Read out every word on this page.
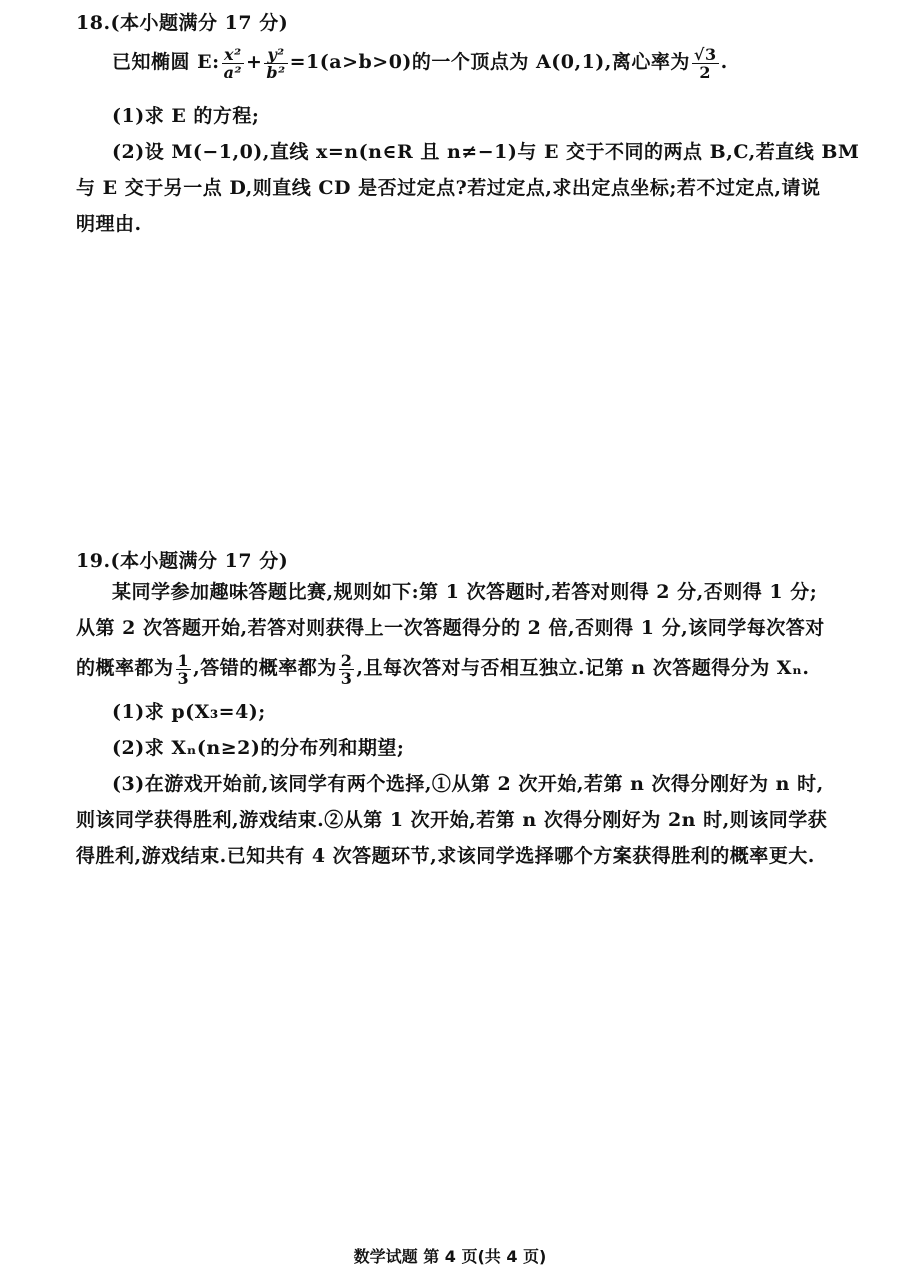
18.(本小题满分 17 分)
已知椭圆 E: $\frac{\text{x²}}{\text{a²}} + \frac{\text{y²}}{\text{b²}} =1(a>b>0)$的一个顶点为 A(0,1),离心率为 $\frac{√3}{2}$ .
(1)求 E 的方程;
(2)设 M(−1,0),直线 x=n(n∈R 且 n≠−1)与 E 交于不同的两点 B,C,若直线 BM
与 E 交于另一点 D,则直线 CD 是否过定点?若过定点,求出定点坐标;若不过定点,请说
明理由.
19.(本小题满分 17 分)
某同学参加趣味答题比赛,规则如下:第 1 次答题时,若答对则得 2 分,否则得 1 分;
从第 2 次答题开始,若答对则获得上一次答题得分的 2 倍,否则得 1 分,该同学每次答对
的概率都为 $\frac{1}{3}$ ,答错的概率都为 $\frac{2}{3}$ ,且每次答对与否相互独立.记第 n 次答题得分为 Xₙ.
(1)求 p(X₃=4);
(2)求 Xₙ(n≥2)的分布列和期望;
(3)在游戏开始前,该同学有两个选择,①从第 2 次开始,若第 n 次得分刚好为 n 时,
则该同学获得胜利,游戏结束.②从第 1 次开始,若第 n 次得分刚好为 2n 时,则该同学获
得胜利,游戏结束.已知共有 4 次答题环节,求该同学选择哪个方案获得胜利的概率更大.
数学试题 第 4 页(共 4 页)
